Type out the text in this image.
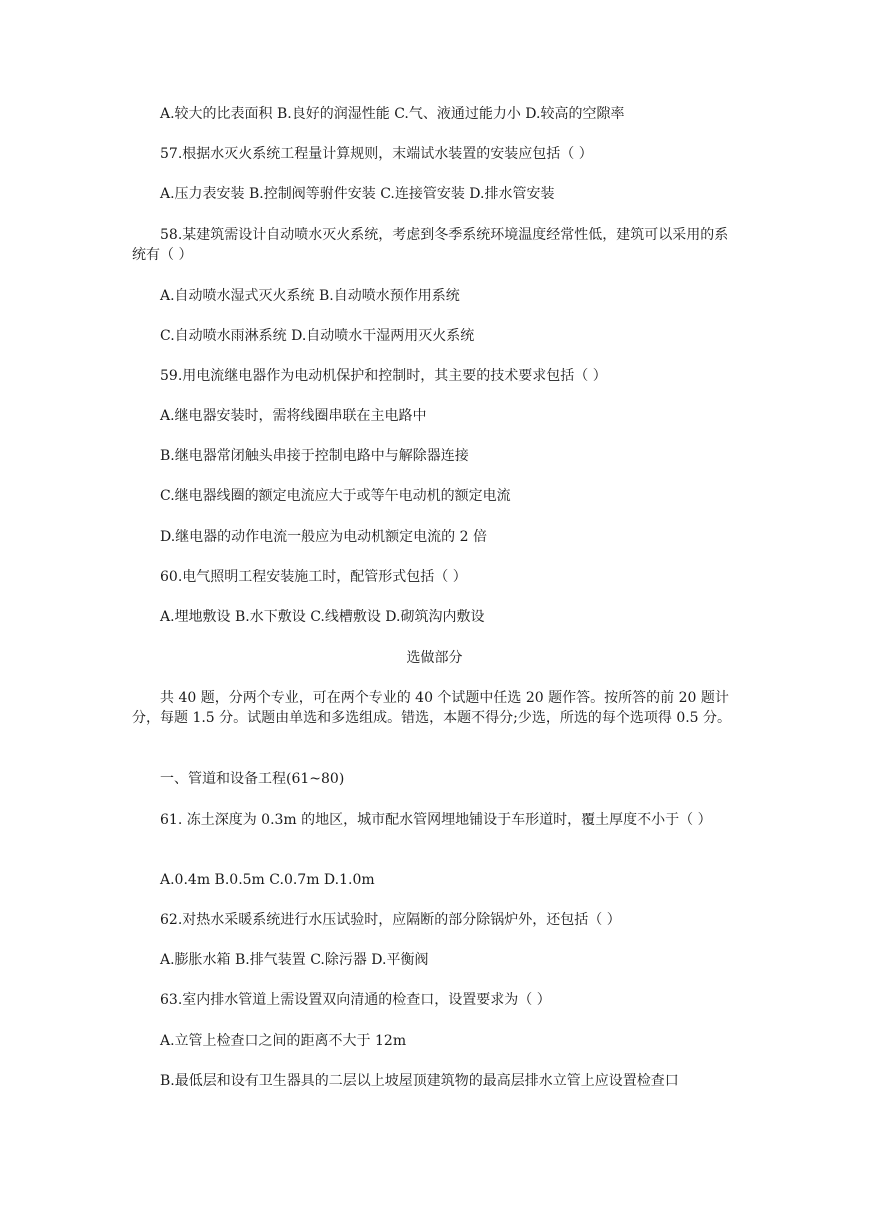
A.较大的比表面积 B.良好的润湿性能 C.气、液通过能力小 D.较高的空隙率
57.根据水灭火系统工程量计算规则，末端试水装置的安装应包括（ ）
A.压力表安装 B.控制阀等驸件安装 C.连接管安装 D.排水管安装
58.某建筑需设计自动喷水灭火系统，考虑到冬季系统环境温度经常性低，建筑可以采用的系统有（ ）
A.自动喷水湿式灭火系统 B.自动喷水预作用系统
C.自动喷水雨淋系统 D.自动喷水干湿两用灭火系统
59.用电流继电器作为电动机保护和控制时，其主要的技术要求包括（ ）
A.继电器安装时，需将线圈串联在主电路中
B.继电器常闭触头串接于控制电路中与解除器连接
C.继电器线圈的额定电流应大于或等午电动机的额定电流
D.继电器的动作电流一般应为电动机额定电流的 2 倍
60.电气照明工程安装施工时，配管形式包括（ ）
A.埋地敷设 B.水下敷设 C.线槽敷设 D.砌筑沟内敷设
选做部分
共 40 题，分两个专业，可在两个专业的 40 个试题中任选 20 题作答。按所答的前 20 题计分，每题 1.5 分。试题由单选和多选组成。错选，本题不得分;少选，所选的每个选项得 0.5 分。
一、管道和设备工程(61~80)
61. 冻土深度为 0.3m 的地区，城市配水管网埋地铺设于车形道时，覆土厚度不小于（ ）
A.0.4m B.0.5m C.0.7m D.1.0m
62.对热水采暖系统进行水压试验时，应隔断的部分除锅炉外，还包括（ ）
A.膨胀水箱 B.排气装置 C.除污器 D.平衡阀
63.室内排水管道上需设置双向清通的检查口，设置要求为（ ）
A.立管上检查口之间的距离不大于 12m
B.最低层和设有卫生器具的二层以上坡屋顶建筑物的最高层排水立管上应设置检查口
